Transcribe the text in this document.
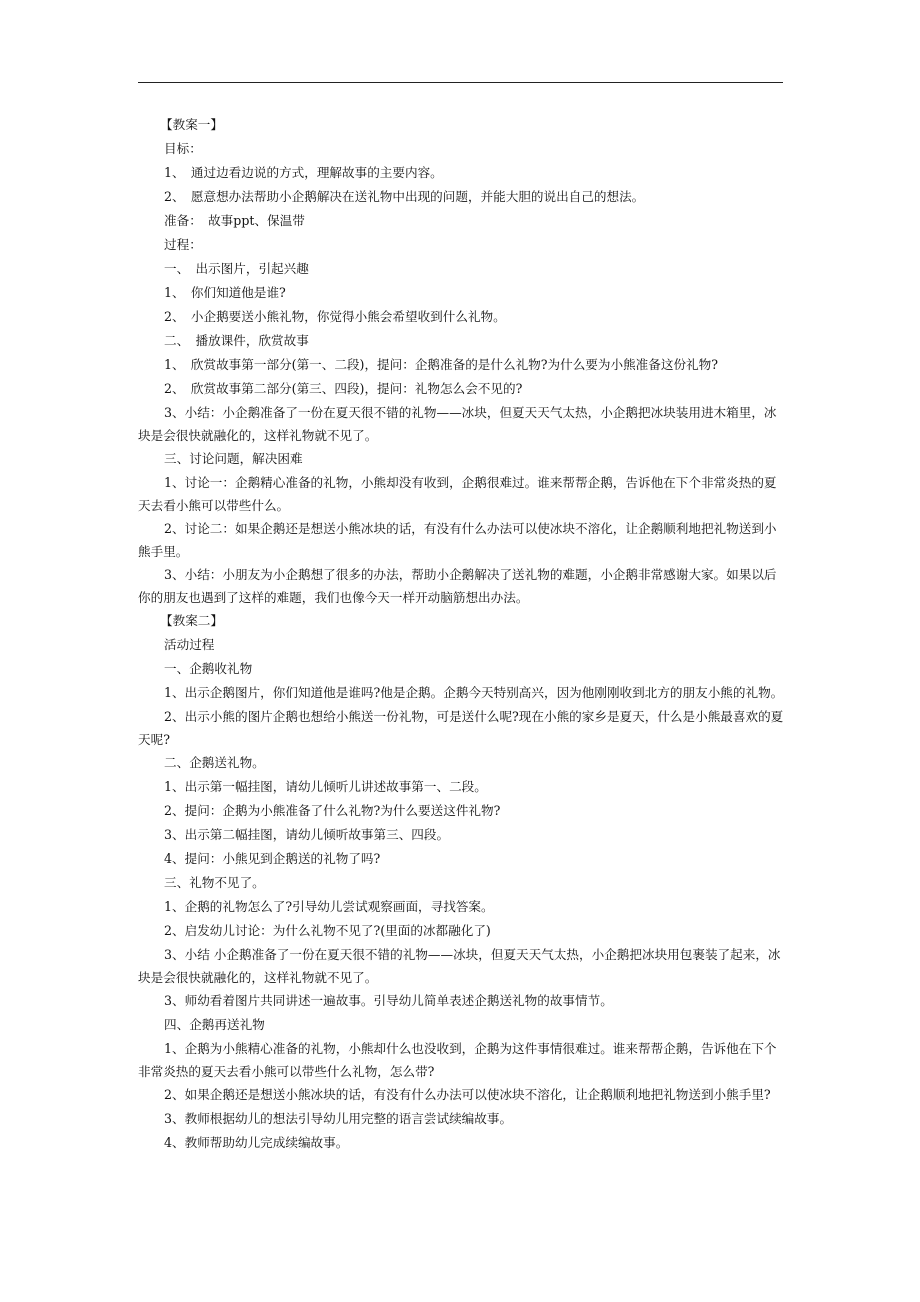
【教案一】

目标：

1、　通过边看边说的方式，理解故事的主要内容。

2、　愿意想办法帮助小企鹅解决在送礼物中出现的问题，并能大胆的说出自己的想法。

准备：　故事ppt、保温带

过程：

一、　出示图片，引起兴趣

1、　你们知道他是谁?

2、　小企鹅要送小熊礼物，你觉得小熊会希望收到什么礼物。

二、　播放课件，欣赏故事

1、　欣赏故事第一部分(第一、二段)，提问：企鹅准备的是什么礼物?为什么要为小熊准备这份礼物?

2、　欣赏故事第二部分(第三、四段)，提问：礼物怎么会不见的?

3、小结：小企鹅准备了一份在夏天很不错的礼物——冰块，但夏天天气太热，小企鹅把冰块装用进木箱里，冰块是会很快就融化的，这样礼物就不见了。

三、讨论问题，解决困难

1、讨论一：企鹅精心准备的礼物，小熊却没有收到，企鹅很难过。谁来帮帮企鹅，告诉他在下个非常炎热的夏天去看小熊可以带些什么。

2、讨论二：如果企鹅还是想送小熊冰块的话，有没有什么办法可以使冰块不溶化，让企鹅顺利地把礼物送到小熊手里。

3、小结：小朋友为小企鹅想了很多的办法，帮助小企鹅解决了送礼物的难题，小企鹅非常感谢大家。如果以后你的朋友也遇到了这样的难题，我们也像今天一样开动脑筋想出办法。

【教案二】

活动过程

一、企鹅收礼物

1、出示企鹅图片，你们知道他是谁吗?他是企鹅。企鹅今天特别高兴，因为他刚刚收到北方的朋友小熊的礼物。

2、出示小熊的图片企鹅也想给小熊送一份礼物，可是送什么呢?现在小熊的家乡是夏天，什么是小熊最喜欢的夏天呢?

二、企鹅送礼物。

1、出示第一幅挂图，请幼儿倾听儿讲述故事第一、二段。

2、提问：企鹅为小熊准备了什么礼物?为什么要送这件礼物?

3、出示第二幅挂图，请幼儿倾听故事第三、四段。

4、提问：小熊见到企鹅送的礼物了吗?

三、礼物不见了。

1、企鹅的礼物怎么了?引导幼儿尝试观察画面，寻找答案。

2、启发幼儿讨论：为什么礼物不见了?(里面的冰都融化了)

3、小结 小企鹅准备了一份在夏天很不错的礼物——冰块，但夏天天气太热，小企鹅把冰块用包裹装了起来，冰块是会很快就融化的，这样礼物就不见了。

3、师幼看着图片共同讲述一遍故事。引导幼儿简单表述企鹅送礼物的故事情节。

四、企鹅再送礼物

1、企鹅为小熊精心准备的礼物，小熊却什么也没收到，企鹅为这件事情很难过。谁来帮帮企鹅，告诉他在下个非常炎热的夏天去看小熊可以带些什么礼物，怎么带?

2、如果企鹅还是想送小熊冰块的话，有没有什么办法可以使冰块不溶化，让企鹅顺利地把礼物送到小熊手里?

3、教师根据幼儿的想法引导幼儿用完整的语言尝试续编故事。

4、教师帮助幼儿完成续编故事。
